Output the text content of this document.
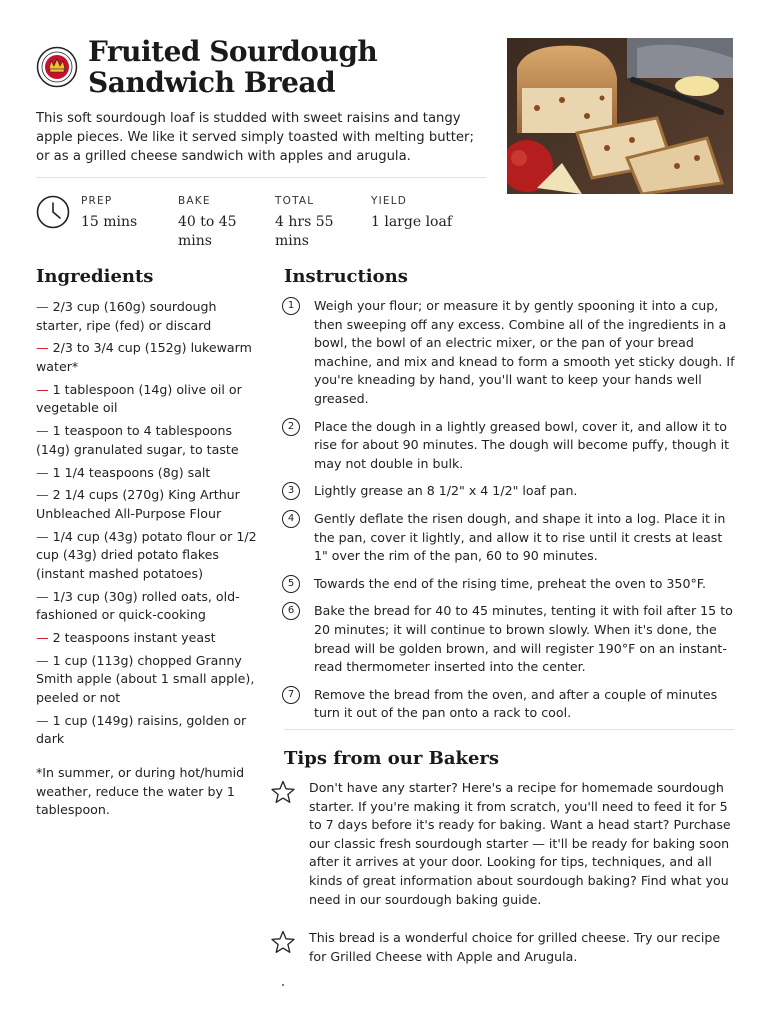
Fruited Sourdough Sandwich Bread

This soft sourdough loaf is studded with sweet raisins and tangy apple pieces. We like it served simply toasted with melting butter; or as a grilled cheese sandwich with apples and arugula.

PREP
15 mins
BAKE
40 to 45 mins
TOTAL
4 hrs 55 mins
YIELD
1 large loaf
Ingredients
— 2/3 cup (160g) sourdough starter, ripe (fed) or discard
— 2/3 to 3/4 cup (152g) lukewarm water*
— 1 tablespoon (14g) olive oil or vegetable oil
— 1 teaspoon to 4 tablespoons (14g) granulated sugar, to taste
— 1 1/4 teaspoons (8g) salt
— 2 1/4 cups (270g) King Arthur Unbleached All-Purpose Flour
— 1/4 cup (43g) potato flour or 1/2 cup (43g) dried potato flakes (instant mashed potatoes)
— 1/3 cup (30g) rolled oats, old-fashioned or quick-cooking
— 2 teaspoons instant yeast
— 1 cup (113g) chopped Granny Smith apple (about 1 small apple), peeled or not
— 1 cup (149g) raisins, golden or dark

*In summer, or during hot/humid weather, reduce the water by 1 tablespoon.

Instructions
1	Weigh your flour; or measure it by gently spooning it into a cup, then sweeping off any excess. Combine all of the ingredients in a bowl, the bowl of an electric mixer, or the pan of your bread machine, and mix and knead to form a smooth yet sticky dough. If you're kneading by hand, you'll want to keep your hands well greased.
2	Place the dough in a lightly greased bowl, cover it, and allow it to rise for about 90 minutes. The dough will become puffy, though it may not double in bulk.
3	Lightly grease an 8 1/2" x 4 1/2" loaf pan.
4	Gently deflate the risen dough, and shape it into a log. Place it in the pan, cover it lightly, and allow it to rise until it crests at least 1" over the rim of the pan, 60 to 90 minutes.
5	Towards the end of the rising time, preheat the oven to 350°F.
6	Bake the bread for 40 to 45 minutes, tenting it with foil after 15 to 20 minutes; it will continue to brown slowly. When it's done, the bread will be golden brown, and will register 190°F on an instant-read thermometer inserted into the center.
7	Remove the bread from the oven, and after a couple of minutes turn it out of the pan onto a rack to cool.
Tips from our Bakers

Don't have any starter? Here's a recipe for homemade sourdough starter. If you're making it from scratch, you'll need to feed it for 5 to 7 days before it's ready for baking. Want a head start? Purchase our classic fresh sourdough starter — it'll be ready for baking soon after it arrives at your door. Looking for tips, techniques, and all kinds of great information about sourdough baking? Find what you need in our sourdough baking guide.

This bread is a wonderful choice for grilled cheese. Try our recipe for Grilled Cheese with Apple and Arugula.
